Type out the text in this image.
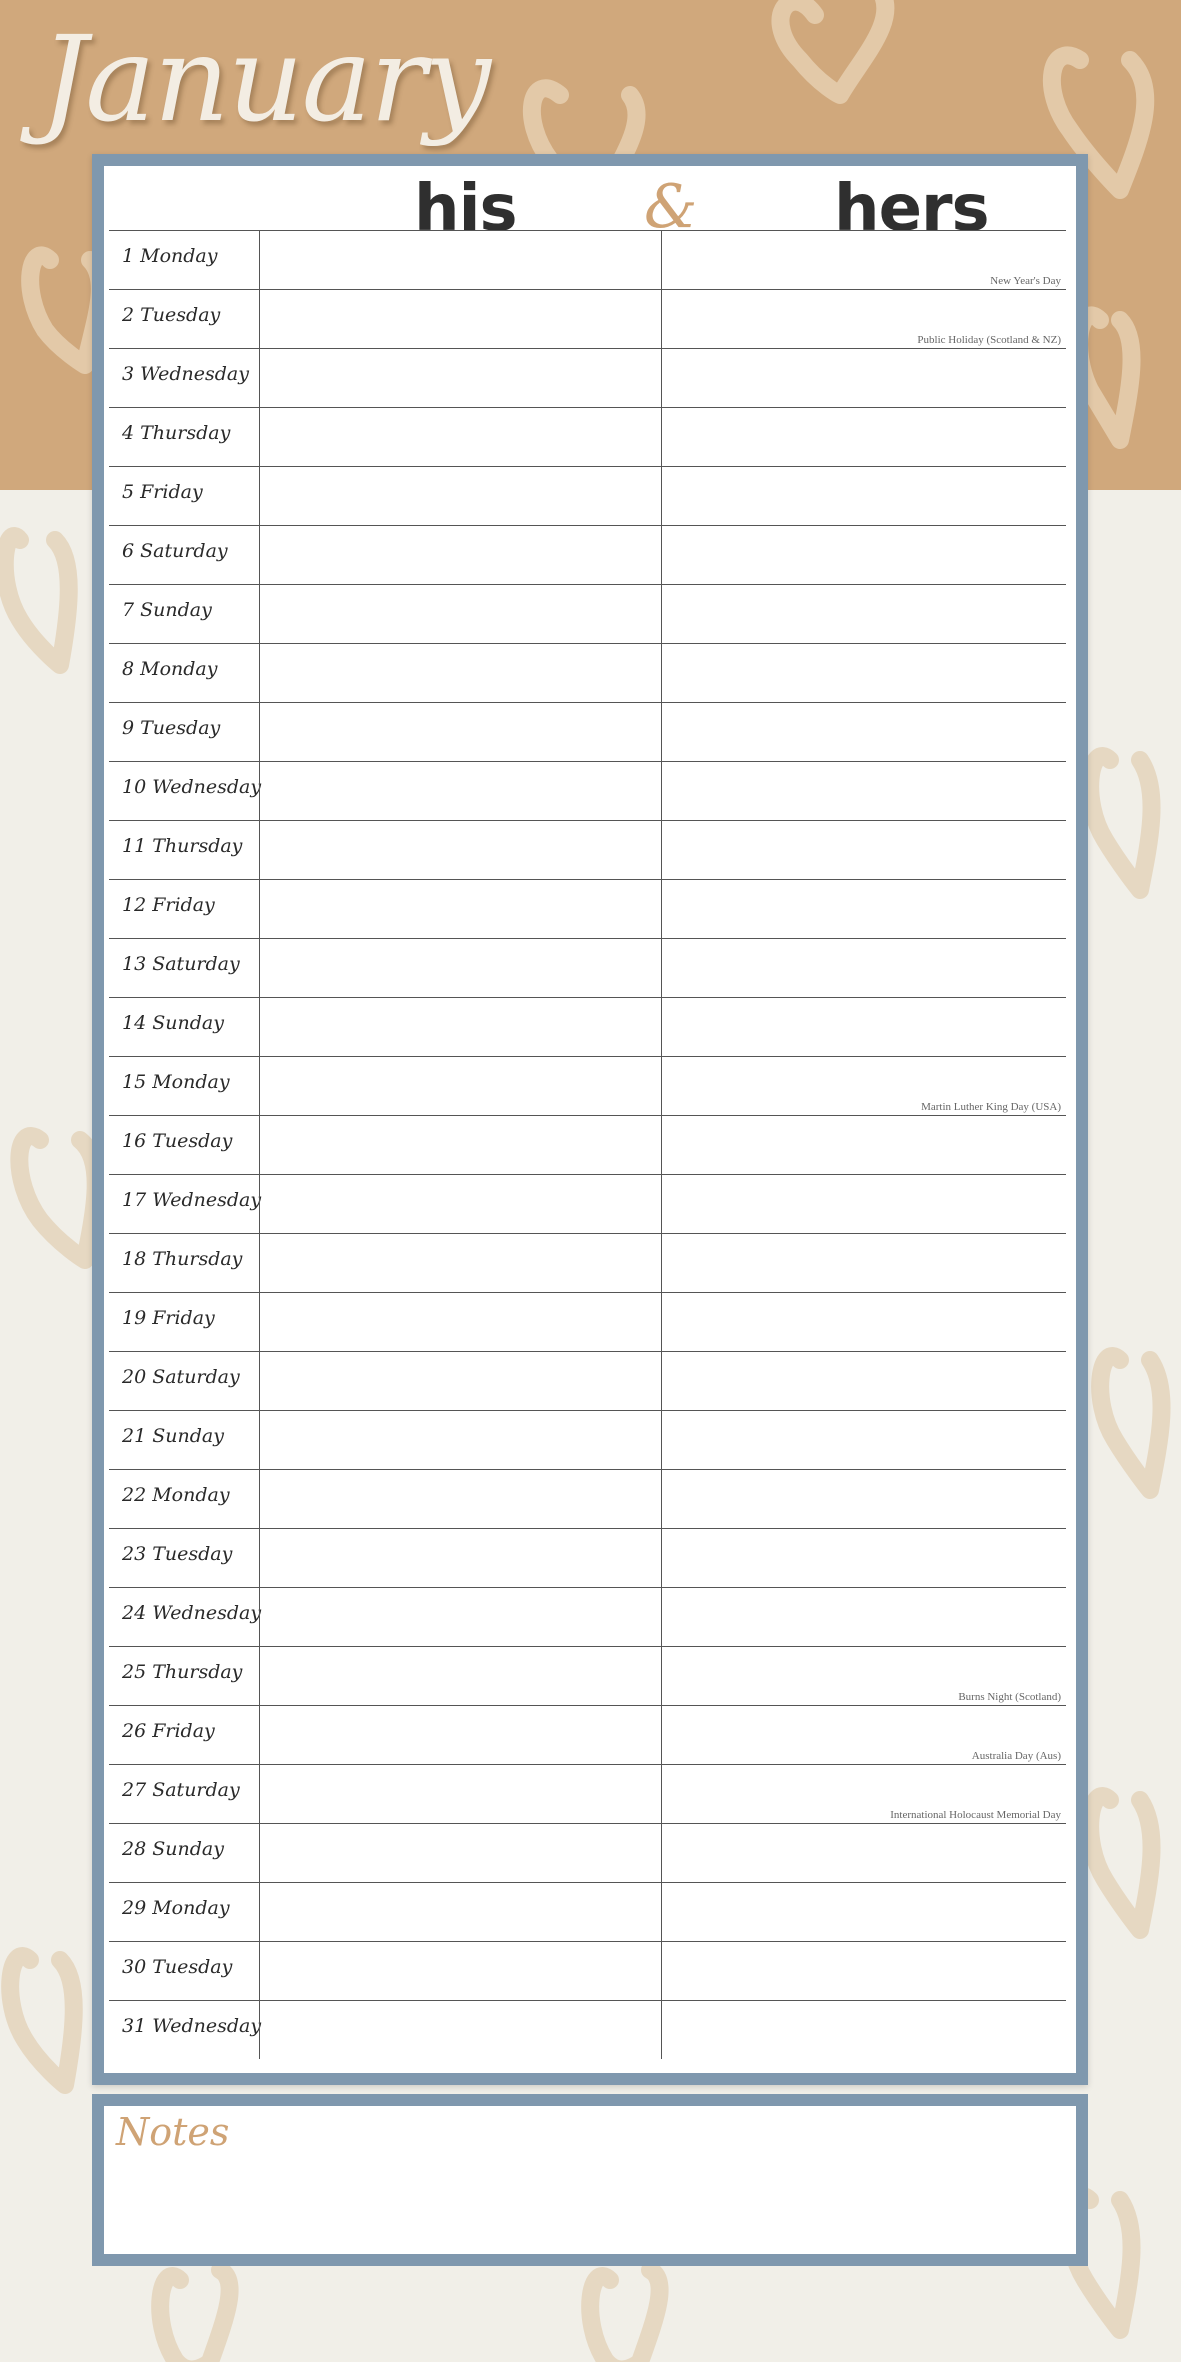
January
his & hers
1 Monday
New Year's Day
2 Tuesday
Public Holiday (Scotland & NZ)
3 Wednesday
4 Thursday
5 Friday
6 Saturday
7 Sunday
8 Monday
9 Tuesday
10 Wednesday
11 Thursday
12 Friday
13 Saturday
14 Sunday
15 Monday
Martin Luther King Day (USA)
16 Tuesday
17 Wednesday
18 Thursday
19 Friday
20 Saturday
21 Sunday
22 Monday
23 Tuesday
24 Wednesday
25 Thursday
Burns Night (Scotland)
26 Friday
Australia Day (Aus)
27 Saturday
International Holocaust Memorial Day
28 Sunday
29 Monday
30 Tuesday
31 Wednesday
Notes
